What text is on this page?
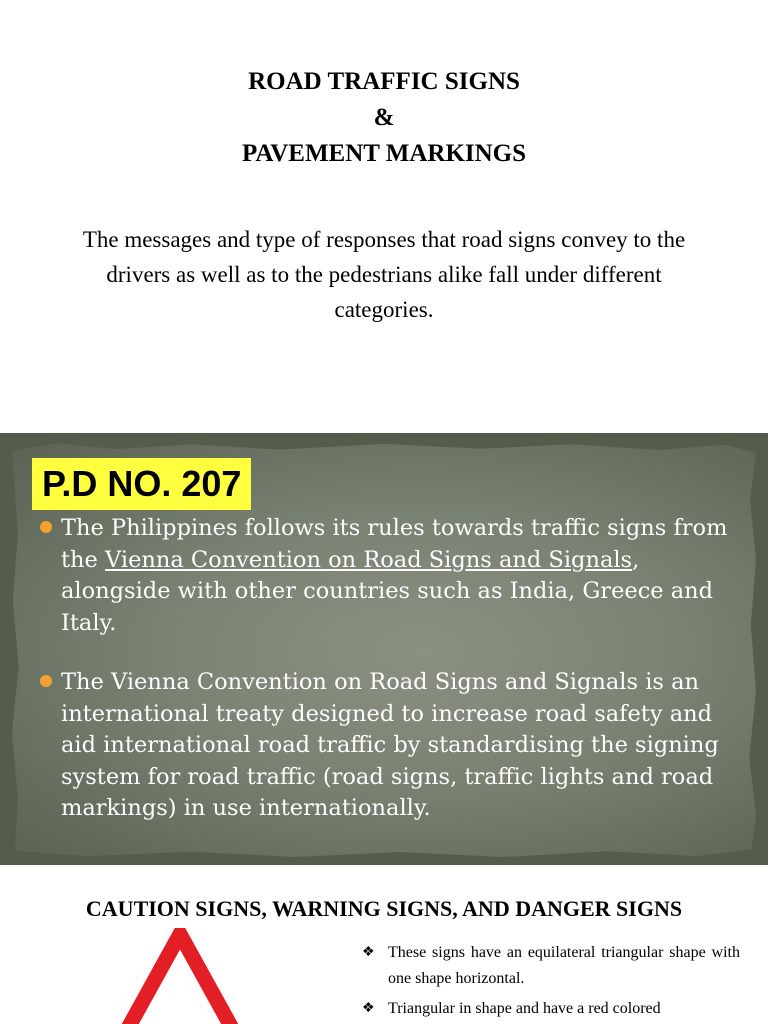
ROAD TRAFFIC SIGNS
&
PAVEMENT MARKINGS

The messages and type of responses that road signs convey to the drivers as well as to the pedestrians alike fall under different categories.

P.D NO. 207
The Philippines follows its rules towards traffic signs from the Vienna Convention on Road Signs and Signals, alongside with other countries such as India, Greece and Italy.
The Vienna Convention on Road Signs and Signals is an international treaty designed to increase road safety and aid international road traffic by standardising the signing system for road traffic (road signs, traffic lights and road markings) in use internationally.
CAUTION SIGNS, WARNING SIGNS, AND DANGER SIGNS
❖ These signs have an equilateral triangular shape with one shape horizontal.
❖ Triangular in shape and have a red colored
